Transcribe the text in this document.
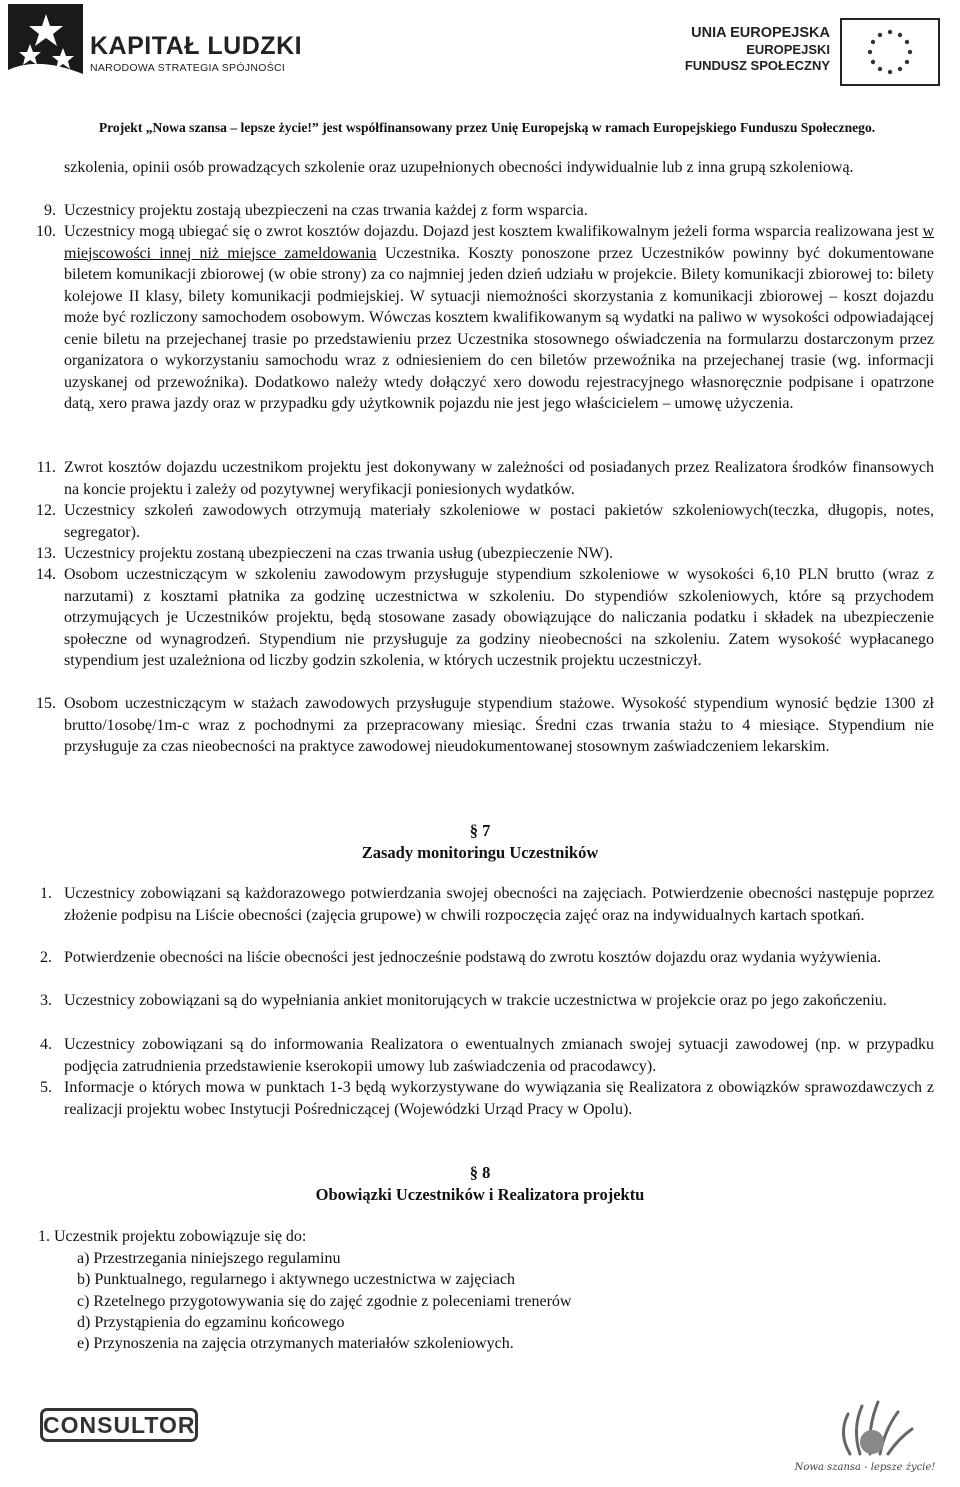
KAPITAŁ LUDZKI
NARODOWA STRATEGIA SPÓJNOŚCI
UNIA EUROPEJSKA
EUROPEJSKI
FUNDUSZ SPOŁECZNY
Projekt „Nowa szansa – lepsze życie!” jest współfinansowany przez Unię Europejską w ramach Europejskiego Funduszu Społecznego.
szkolenia, opinii osób prowadzących szkolenie oraz uzupełnionych obecności indywidualnie lub z inna grupą szkoleniową.
9. Uczestnicy projektu zostają ubezpieczeni na czas trwania każdej z form wsparcia.
10. Uczestnicy mogą ubiegać się o zwrot kosztów dojazdu. Dojazd jest kosztem kwalifikowalnym jeżeli forma wsparcia realizowana jest w miejscowości innej niż miejsce zameldowania Uczestnika. Koszty ponoszone przez Uczestników powinny być dokumentowane biletem komunikacji zbiorowej (w obie strony) za co najmniej jeden dzień udziału w projekcie. Bilety komunikacji zbiorowej to: bilety kolejowe II klasy, bilety komunikacji podmiejskiej. W sytuacji niemożności skorzystania z komunikacji zbiorowej – koszt dojazdu może być rozliczony samochodem osobowym. Wówczas kosztem kwalifikowanym są wydatki na paliwo w wysokości odpowiadającej cenie biletu na przejechanej trasie po przedstawieniu przez Uczestnika stosownego oświadczenia na formularzu dostarczonym przez organizatora o wykorzystaniu samochodu wraz z odniesieniem do cen biletów przewoźnika na przejechanej trasie (wg. informacji uzyskanej od przewoźnika). Dodatkowo należy wtedy dołączyć xero dowodu rejestracyjnego własnoręcznie podpisane i opatrzone datą, xero prawa jazdy oraz w przypadku gdy użytkownik pojazdu nie jest jego właścicielem – umowę użyczenia.
11. Zwrot kosztów dojazdu uczestnikom projektu jest dokonywany w zależności od posiadanych przez Realizatora środków finansowych na koncie projektu i zależy od pozytywnej weryfikacji poniesionych wydatków.
12. Uczestnicy szkoleń zawodowych otrzymują materiały szkoleniowe w postaci pakietów szkoleniowych(teczka, długopis, notes, segregator).
13. Uczestnicy projektu zostaną ubezpieczeni na czas trwania usług (ubezpieczenie NW).
14. Osobom uczestniczącym w szkoleniu zawodowym przysługuje stypendium szkoleniowe w wysokości 6,10 PLN brutto (wraz z narzutami) z kosztami płatnika za godzinę uczestnictwa w szkoleniu. Do stypendiów szkoleniowych, które są przychodem otrzymujących je Uczestników projektu, będą stosowane zasady obowiązujące do naliczania podatku i składek na ubezpieczenie społeczne od wynagrodzeń. Stypendium nie przysługuje za godziny nieobecności na szkoleniu. Zatem wysokość wypłacanego stypendium jest uzależniona od liczby godzin szkolenia, w których uczestnik projektu uczestniczył.
15. Osobom uczestniczącym w stażach zawodowych przysługuje stypendium stażowe. Wysokość stypendium wynosić będzie 1300 zł brutto/1osobę/1m-c wraz z pochodnymi za przepracowany miesiąc. Średni czas trwania stażu to 4 miesiące. Stypendium nie przysługuje za czas nieobecności na praktyce zawodowej nieudokumentowanej stosownym zaświadczeniem lekarskim.
§ 7
Zasady monitoringu Uczestników
1. Uczestnicy zobowiązani są każdorazowego potwierdzania swojej obecności na zajęciach. Potwierdzenie obecności następuje poprzez złożenie podpisu na Liście obecności (zajęcia grupowe) w chwili rozpoczęcia zajęć oraz na indywidualnych kartach spotkań.
2. Potwierdzenie obecności na liście obecności jest jednocześnie podstawą do zwrotu kosztów dojazdu oraz wydania wyżywienia.
3. Uczestnicy zobowiązani są do wypełniania ankiet monitorujących w trakcie uczestnictwa w projekcie oraz po jego zakończeniu.
4. Uczestnicy zobowiązani są do informowania Realizatora o ewentualnych zmianach swojej sytuacji zawodowej (np. w przypadku podjęcia zatrudnienia przedstawienie kserokopii umowy lub zaświadczenia od pracodawcy).
5. Informacje o których mowa w punktach 1-3 będą wykorzystywane do wywiązania się Realizatora z obowiązków sprawozdawczych z realizacji projektu wobec Instytucji Pośredniczącej (Wojewódzki Urząd Pracy w Opolu).
§ 8
Obowiązki Uczestników i Realizatora projektu
1. Uczestnik projektu zobowiązuje się do:
a) Przestrzegania niniejszego regulaminu
b) Punktualnego, regularnego i aktywnego uczestnictwa w zajęciach
c) Rzetelnego przygotowywania się do zajęć zgodnie z poleceniami trenerów
d) Przystąpienia do egzaminu końcowego
e) Przynoszenia na zajęcia otrzymanych materiałów szkoleniowych.
CONSULTOR
Nowa szansa - lepsze życie!
